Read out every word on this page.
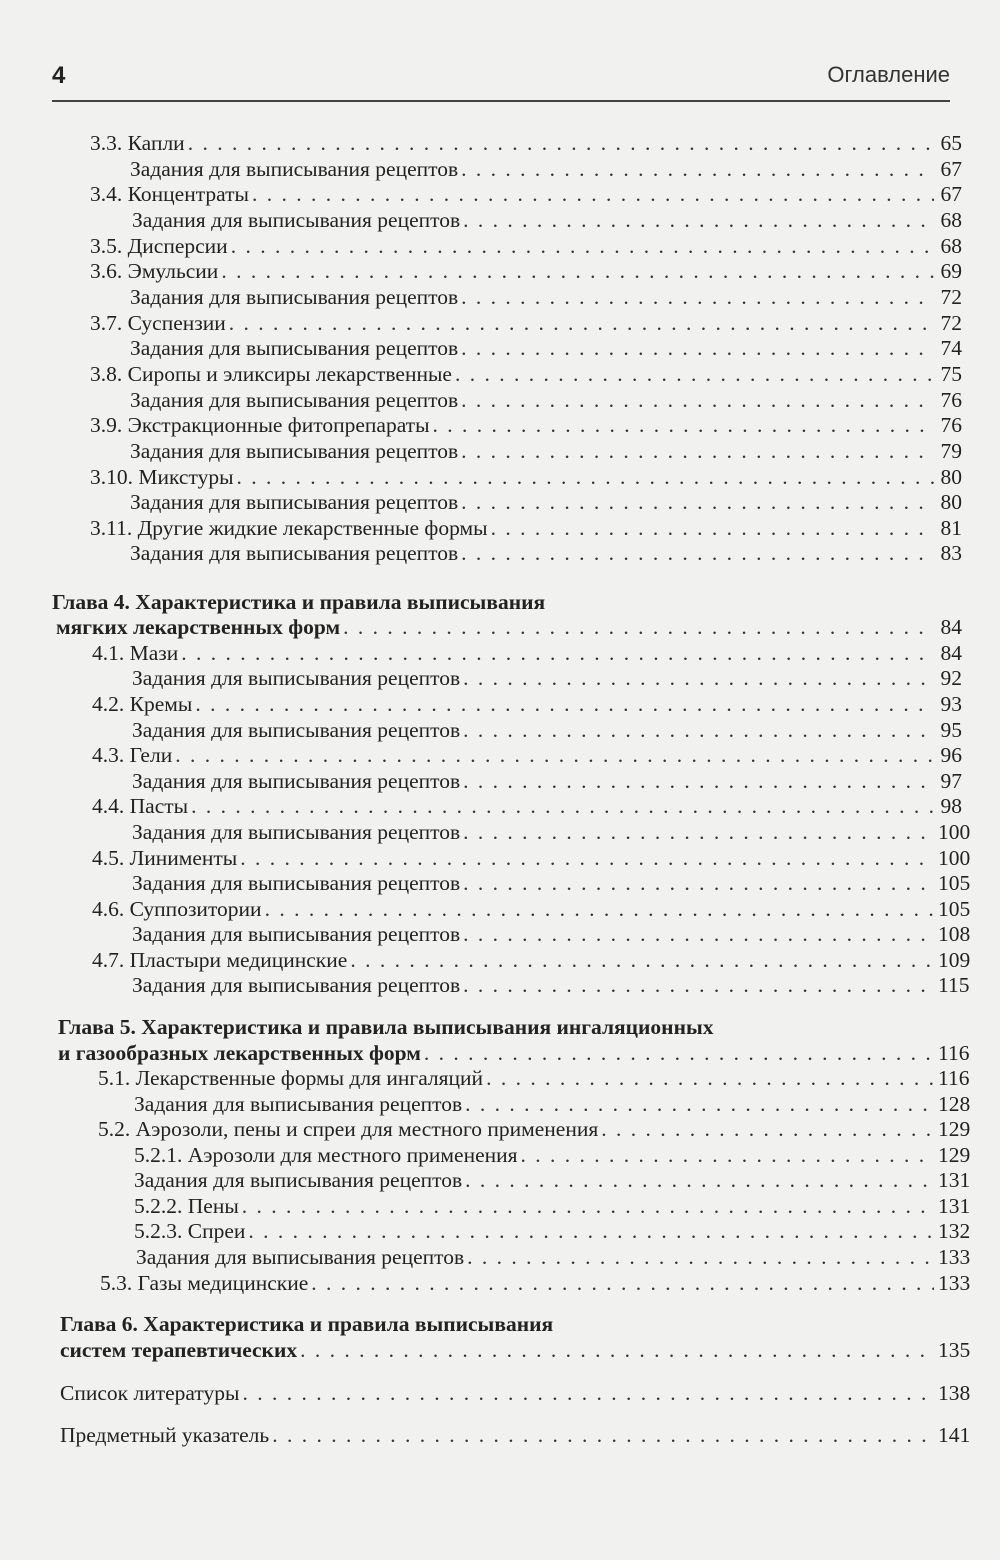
4	Оглавление
3.3. Капли . . .	65
Задания для выписывания рецептов . . .	67
3.4. Концентраты . . .	67
Задания для выписывания рецептов . . .	68
3.5. Дисперсии . . .	68
3.6. Эмульсии . . .	69
Задания для выписывания рецептов . . .	72
3.7. Суспензии . . .	72
Задания для выписывания рецептов . . .	74
3.8. Сиропы и эликсиры лекарственные . . .	75
Задания для выписывания рецептов . . .	76
3.9. Экстракционные фитопрепараты . . .	76
Задания для выписывания рецептов . . .	79
3.10. Микстуры . . .	80
Задания для выписывания рецептов . . .	80
3.11. Другие жидкие лекарственные формы . . .	81
Задания для выписывания рецептов . . .	83
Глава 4. Характеристика и правила выписывания
мягких лекарственных форм . . .	84
4.1. Мази . . .	84
Задания для выписывания рецептов . . .	92
4.2. Кремы . . .	93
Задания для выписывания рецептов . . .	95
4.3. Гели . . .	96
Задания для выписывания рецептов . . .	97
4.4. Пасты . . .	98
Задания для выписывания рецептов . . .	100
4.5. Линименты . . .	100
Задания для выписывания рецептов . . .	105
4.6. Суппозитории . . .	105
Задания для выписывания рецептов . . .	108
4.7. Пластыри медицинские . . .	109
Задания для выписывания рецептов . . .	115
Глава 5. Характеристика и правила выписывания ингаляционных
и газообразных лекарственных форм . . .	116
5.1. Лекарственные формы для ингаляций . . .	116
Задания для выписывания рецептов . . .	128
5.2. Аэрозоли, пены и спреи для местного применения . . .	129
5.2.1. Аэрозоли для местного применения . . .	129
Задания для выписывания рецептов . . .	131
5.2.2. Пены . . .	131
5.2.3. Спреи . . .	132
Задания для выписывания рецептов . . .	133
5.3. Газы медицинские . . .	133
Глава 6. Характеристика и правила выписывания
систем терапевтических . . .	135
Список литературы . . .	138
Предметный указатель . . .	141
